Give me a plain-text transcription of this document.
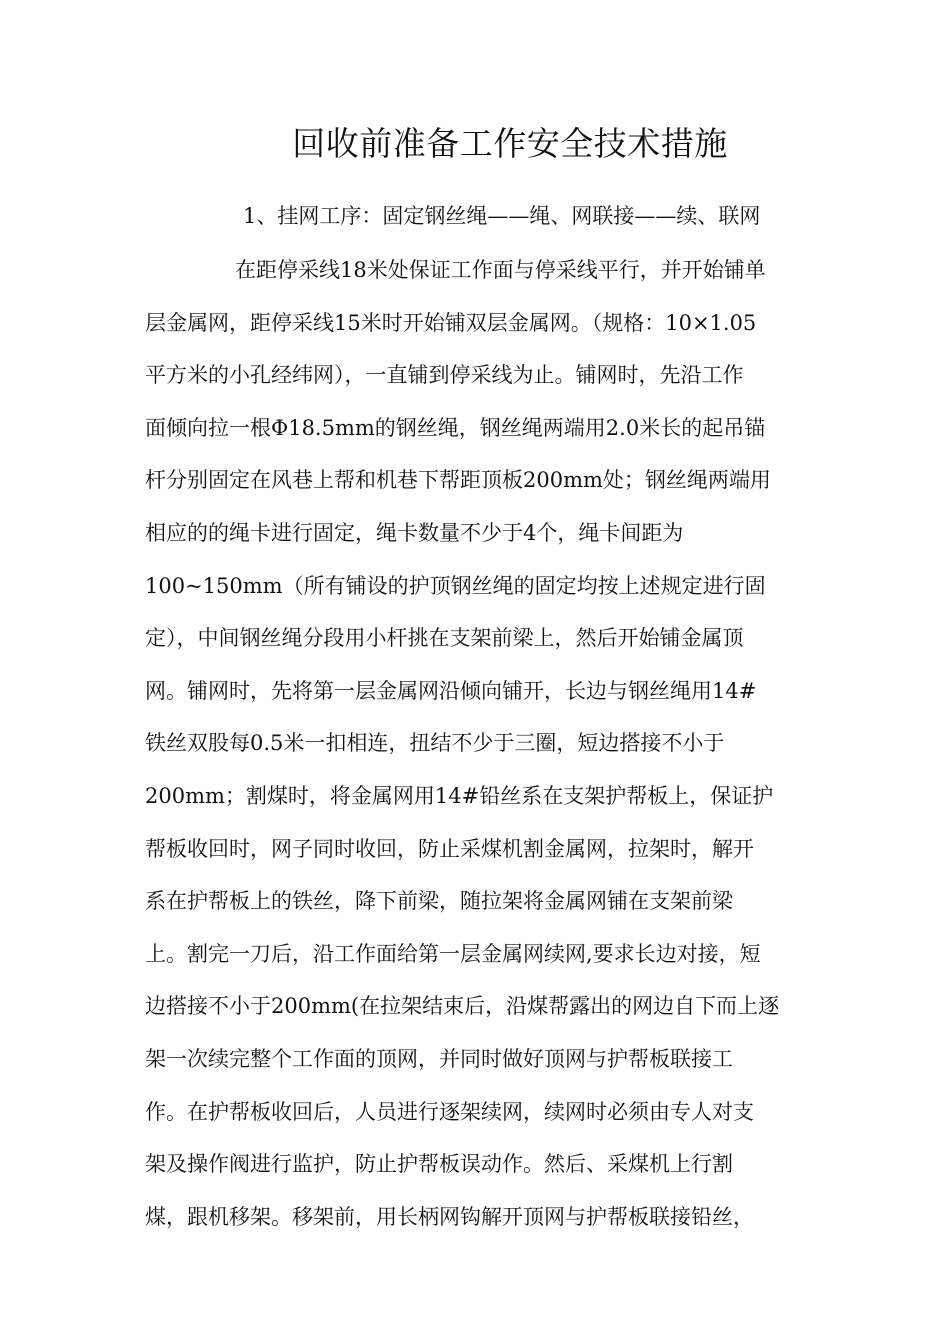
回收前准备工作安全技术措施

1、挂网工序：固定钢丝绳——绳、网联接——续、联网

在距停采线18米处保证工作面与停采线平行，并开始铺单

层金属网，距停采线15米时开始铺双层金属网。（规格：10×1.05

平方米的小孔经纬网），一直铺到停采线为止。铺网时，先沿工作

面倾向拉一根Φ18.5mm的钢丝绳，钢丝绳两端用2.0米长的起吊锚

杆分别固定在风巷上帮和机巷下帮距顶板200mm处；钢丝绳两端用

相应的的绳卡进行固定，绳卡数量不少于4个，绳卡间距为

100~150mm（所有铺设的护顶钢丝绳的固定均按上述规定进行固

定），中间钢丝绳分段用小杆挑在支架前梁上，然后开始铺金属顶

网。铺网时，先将第一层金属网沿倾向铺开，长边与钢丝绳用14#

铁丝双股每0.5米一扣相连，扭结不少于三圈，短边搭接不小于

200mm；割煤时，将金属网用14#铅丝系在支架护帮板上，保证护

帮板收回时，网子同时收回，防止采煤机割金属网，拉架时，解开

系在护帮板上的铁丝，降下前梁，随拉架将金属网铺在支架前梁

上。割完一刀后，沿工作面给第一层金属网续网,要求长边对接，短

边搭接不小于200mm(在拉架结束后，沿煤帮露出的网边自下而上逐

架一次续完整个工作面的顶网，并同时做好顶网与护帮板联接工

作。在护帮板收回后，人员进行逐架续网，续网时必须由专人对支

架及操作阀进行监护，防止护帮板误动作。然后、采煤机上行割

煤，跟机移架。移架前，用长柄网钩解开顶网与护帮板联接铅丝，
